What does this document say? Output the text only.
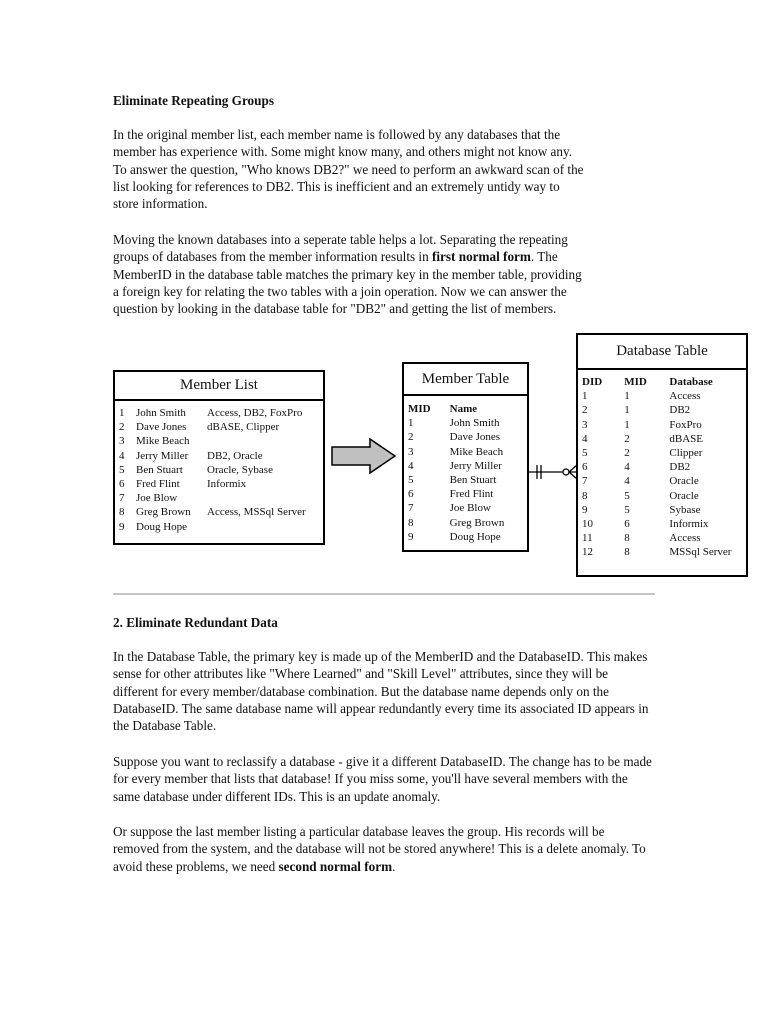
Eliminate Repeating Groups

In the original member list, each member name is followed by any databases that the
member has experience with. Some might know many, and others might not know any.
To answer the question, "Who knows DB2?" we need to perform an awkward scan of the
list looking for references to DB2. This is inefficient and an extremely untidy way to
store information.

Moving the known databases into a seperate table helps a lot. Separating the repeating
groups of databases from the member information results in first normal form. The
MemberID in the database table matches the primary key in the member table, providing
a foreign key for relating the two tables with a join operation. Now we can answer the
question by looking in the database table for "DB2" and getting the list of members.

Member List
1	John Smith	Access, DB2, FoxPro
2	Dave Jones	dBASE, Clipper
3	Mike Beach
4	Jerry Miller	DB2, Oracle
5	Ben Stuart	Oracle, Sybase
6	Fred Flint	Informix
7	Joe Blow
8	Greg Brown	Access, MSSql Server
9	Doug Hope
Member Table
MID	Name
1	John Smith
2	Dave Jones
3	Mike Beach
4	Jerry Miller
5	Ben Stuart
6	Fred Flint
7	Joe Blow
8	Greg Brown
9	Doug Hope
Database Table
DID	MID	Database
1	1	Access
2	1	DB2
3	1	FoxPro
4	2	dBASE
5	2	Clipper
6	4	DB2
7	4	Oracle
8	5	Oracle
9	5	Sybase
10	6	Informix
11	8	Access
12	8	MSSql Server

2. Eliminate Redundant Data

In the Database Table, the primary key is made up of the MemberID and the DatabaseID. This makes sense for other attributes like "Where Learned" and "Skill Level" attributes, since they will be different for every member/database combination. But the database name depends only on the DatabaseID. The same database name will appear redundantly every time its associated ID appears in the Database Table.

Suppose you want to reclassify a database - give it a different DatabaseID. The change has to be made for every member that lists that database! If you miss some, you'll have several members with the same database under different IDs. This is an update anomaly.

Or suppose the last member listing a particular database leaves the group. His records will be removed from the system, and the database will not be stored anywhere! This is a delete anomaly. To avoid these problems, we need second normal form.
